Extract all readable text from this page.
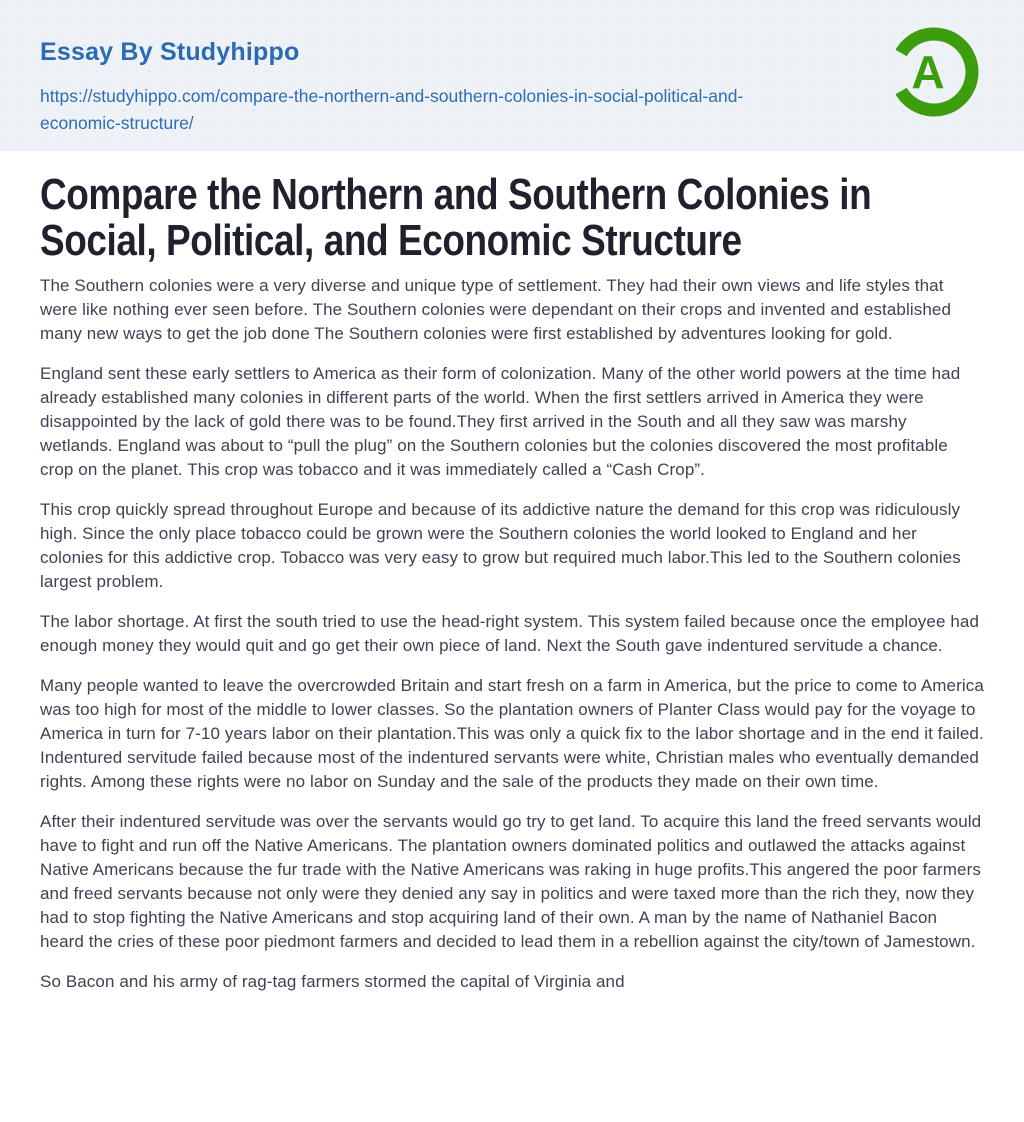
Essay By Studyhippo
https://studyhippo.com/compare-the-northern-and-southern-colonies-in-social-political-and-
economic-structure/
A
Compare the Northern and Southern Colonies in
Social, Political, and Economic Structure

The Southern colonies were a very diverse and unique type of settlement. They had their own views and life styles that were like nothing ever seen before. The Southern colonies were dependant on their crops and invented and established many new ways to get the job done The Southern colonies were first established by adventures looking for gold.

England sent these early settlers to America as their form of colonization. Many of the other world powers at the time had already established many colonies in different parts of the world. When the first settlers arrived in America they were disappointed by the lack of gold there was to be found.They first arrived in the South and all they saw was marshy wetlands. England was about to “pull the plug” on the Southern colonies but the colonies discovered the most profitable crop on the planet. This crop was tobacco and it was immediately called a “Cash Crop”.

This crop quickly spread throughout Europe and because of its addictive nature the demand for this crop was ridiculously high. Since the only place tobacco could be grown were the Southern colonies the world looked to England and her colonies for this addictive crop. Tobacco was very easy to grow but required much labor.This led to the Southern colonies largest problem.

The labor shortage. At first the south tried to use the head-right system. This system failed because once the employee had enough money they would quit and go get their own piece of land. Next the South gave indentured servitude a chance.

Many people wanted to leave the overcrowded Britain and start fresh on a farm in America, but the price to come to America was too high for most of the middle to lower classes. So the plantation owners of Planter Class would pay for the voyage to America in turn for 7-10 years labor on their plantation.This was only a quick fix to the labor shortage and in the end it failed. Indentured servitude failed because most of the indentured servants were white, Christian males who eventually demanded rights. Among these rights were no labor on Sunday and the sale of the products they made on their own time.

After their indentured servitude was over the servants would go try to get land. To acquire this land the freed servants would have to fight and run off the Native Americans. The plantation owners dominated politics and outlawed the attacks against Native Americans because the fur trade with the Native Americans was raking in huge profits.This angered the poor farmers and freed servants because not only were they denied any say in politics and were taxed more than the rich they, now they had to stop fighting the Native Americans and stop acquiring land of their own. A man by the name of Nathaniel Bacon heard the cries of these poor piedmont farmers and decided to lead them in a rebellion against the city/town of Jamestown.

So Bacon and his army of rag-tag farmers stormed the capital of Virginia and
